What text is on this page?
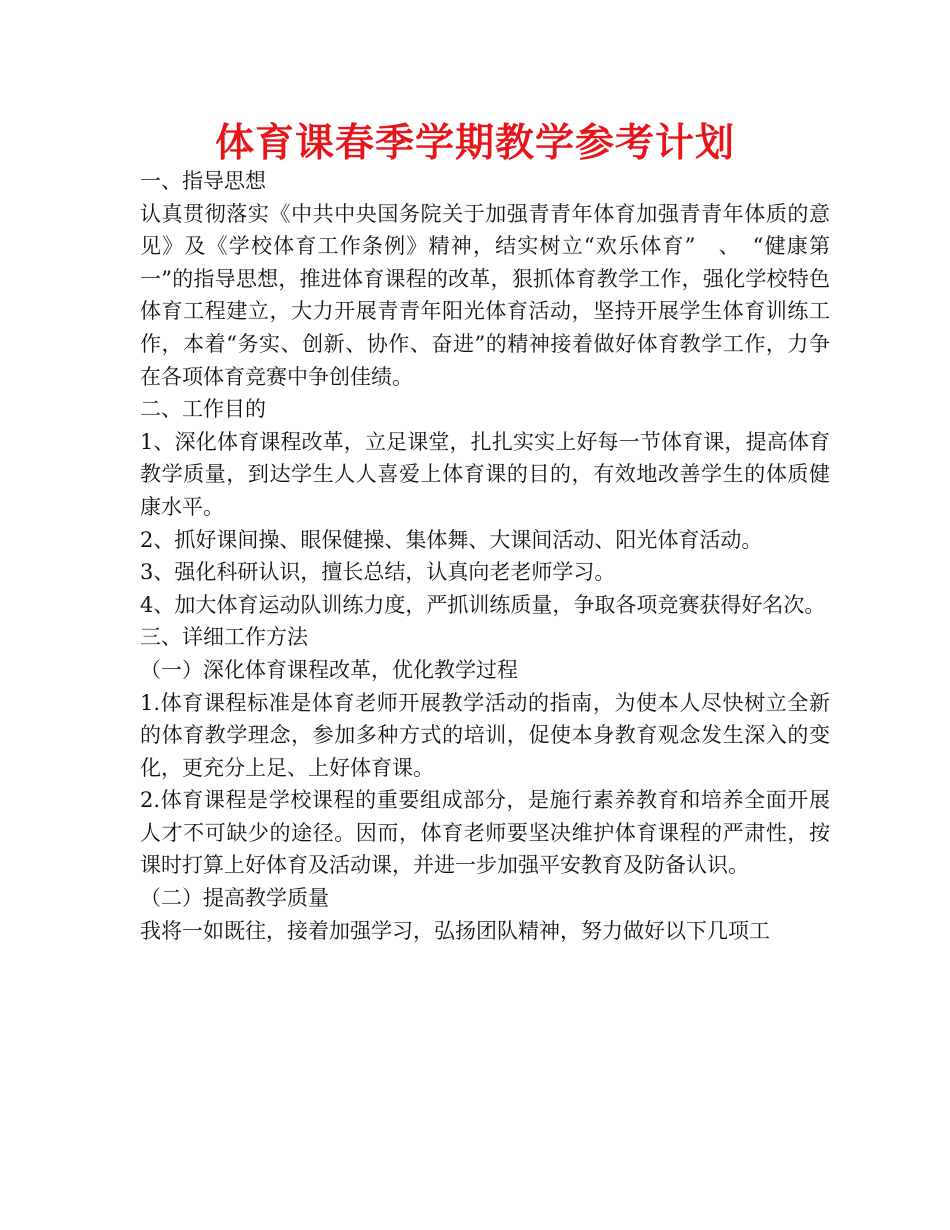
体育课春季学期教学参考计划

一、指导思想

认真贯彻落实《中共中央国务院关于加强青青年体育加强青青年体质的意见》及《学校体育工作条例》精神，结实树立“欢乐体育”　、　“健康第一”的指导思想，推进体育课程的改革，狠抓体育教学工作，强化学校特色体育工程建立，大力开展青青年阳光体育活动，坚持开展学生体育训练工作，本着“务实、创新、协作、奋进”的精神接着做好体育教学工作，力争在各项体育竞赛中争创佳绩。

二、工作目的

1、深化体育课程改革，立足课堂，扎扎实实上好每一节体育课，提高体育教学质量，到达学生人人喜爱上体育课的目的，有效地改善学生的体质健康水平。

2、抓好课间操、眼保健操、集体舞、大课间活动、阳光体育活动。

3、强化科研认识，擅长总结，认真向老老师学习。

4、加大体育运动队训练力度，严抓训练质量，争取各项竞赛获得好名次。

三、详细工作方法

（一）深化体育课程改革，优化教学过程

1.体育课程标准是体育老师开展教学活动的指南，为使本人尽快树立全新的体育教学理念，参加多种方式的培训，促使本身教育观念发生深入的变化，更充分上足、上好体育课。

2.体育课程是学校课程的重要组成部分，是施行素养教育和培养全面开展人才不可缺少的途径。因而，体育老师要坚决维护体育课程的严肃性，按课时打算上好体育及活动课，并进一步加强平安教育及防备认识。

（二）提高教学质量

我将一如既往，接着加强学习，弘扬团队精神，努力做好以下几项工
